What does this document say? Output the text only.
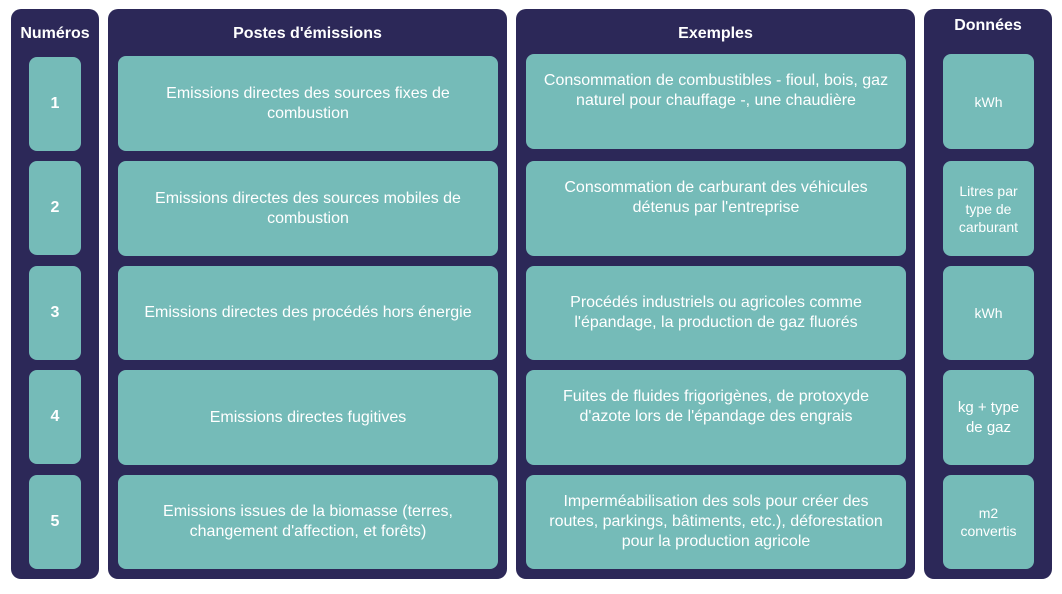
Numéros
1
2
3
4
5
Postes d'émissions
Emissions directes des sources fixes de combustion
Emissions directes des sources mobiles de combustion
Emissions directes des procédés hors énergie
Emissions directes fugitives
Emissions issues de la biomasse (terres, changement d'affection, et forêts)
Exemples
Consommation de combustibles - fioul, bois, gaz naturel pour chauffage -, une chaudière
Consommation de carburant des véhicules détenus par l'entreprise
Procédés industriels ou agricoles comme l'épandage, la production de gaz fluorés
Fuites de fluides frigorigènes, de protoxyde d'azote lors de l'épandage des engrais
Imperméabilisation des sols pour créer des routes, parkings, bâtiments, etc.), déforestation pour la production agricole
Données
kWh
Litres par type de carburant
kWh
kg + type de gaz
m2 convertis
